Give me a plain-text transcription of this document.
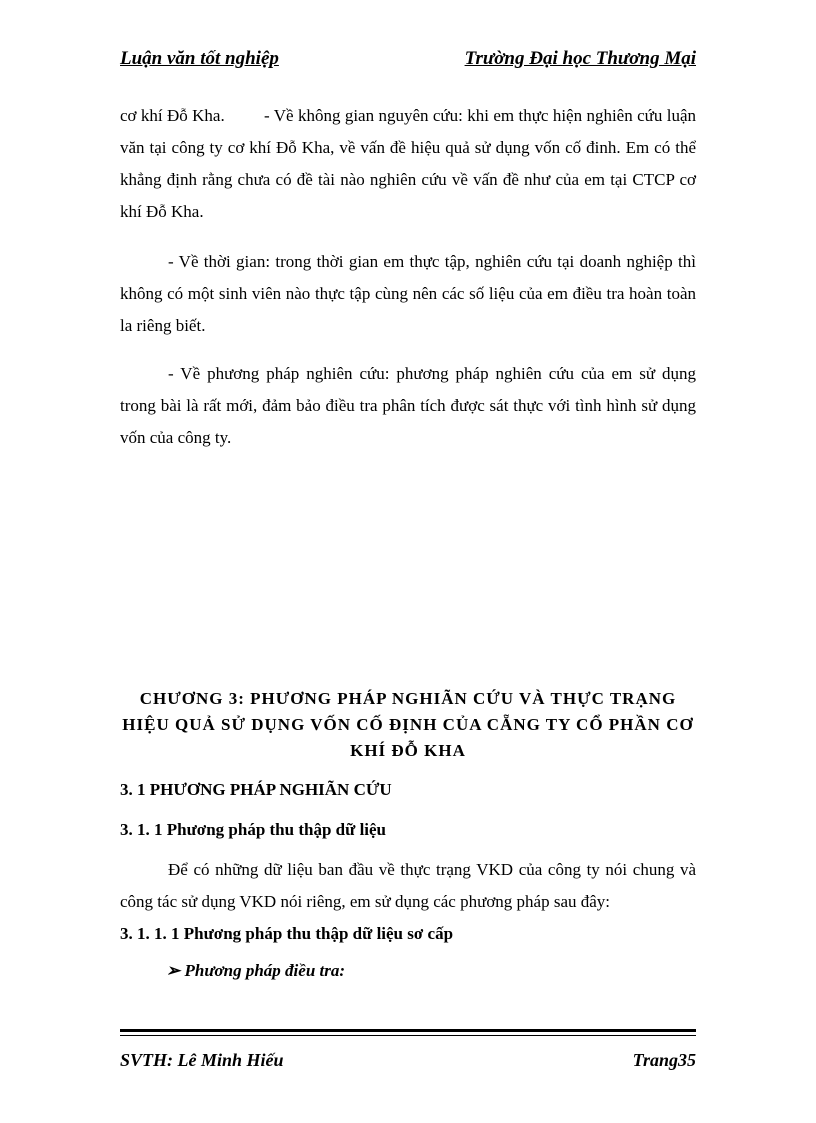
Luận văn tốt nghiệp	Trường Đại học Thương Mại
cơ khí Đỗ Kha. - Về không gian nguyên cứu: khi em thực hiện nghiên cứu luận văn tại công ty cơ khí Đỗ Kha, về vấn đề hiệu quả sử dụng vốn cố đinh. Em có thể khẳng định rằng chưa có đề tài nào nghiên cứu về vấn đề như của em tại CTCP cơ khí Đỗ Kha.
- Về thời gian: trong thời gian em thực tập, nghiên cứu tại doanh nghiệp thì không có một sinh viên nào thực tập cùng nên các số liệu của em điều tra hoàn toàn la riêng biết.
- Về phương pháp nghiên cứu: phương pháp nghiên cứu của em sử dụng trong bài là rất mới, đảm bảo điều tra phân tích được sát thực với tình hình sử dụng vốn của công ty.
CHƯƠNG 3: PHƯƠNG PHÁP NGHIÃN CỨU VÀ THỰC TRẠNG HIỆU QUẢ SỬ DỤNG VỐN CỐ ĐỊNH CỦA CẴNG TY CỔ PHẦN CƠ KHÍ ĐỖ KHA
3. 1 PHƯƠNG PHÁP NGHIÃN CỨU
3. 1. 1 Phương pháp thu thập dữ liệu
Để có những dữ liệu ban đầu về thực trạng VKD của công ty nói chung và công tác sử dụng VKD nói riêng, em sử dụng các phương pháp sau đây:
3. 1. 1. 1 Phương pháp thu thập dữ liệu sơ cấp
➢ Phương pháp điều tra:
SVTH: Lê Minh Hiếu	Trang35
